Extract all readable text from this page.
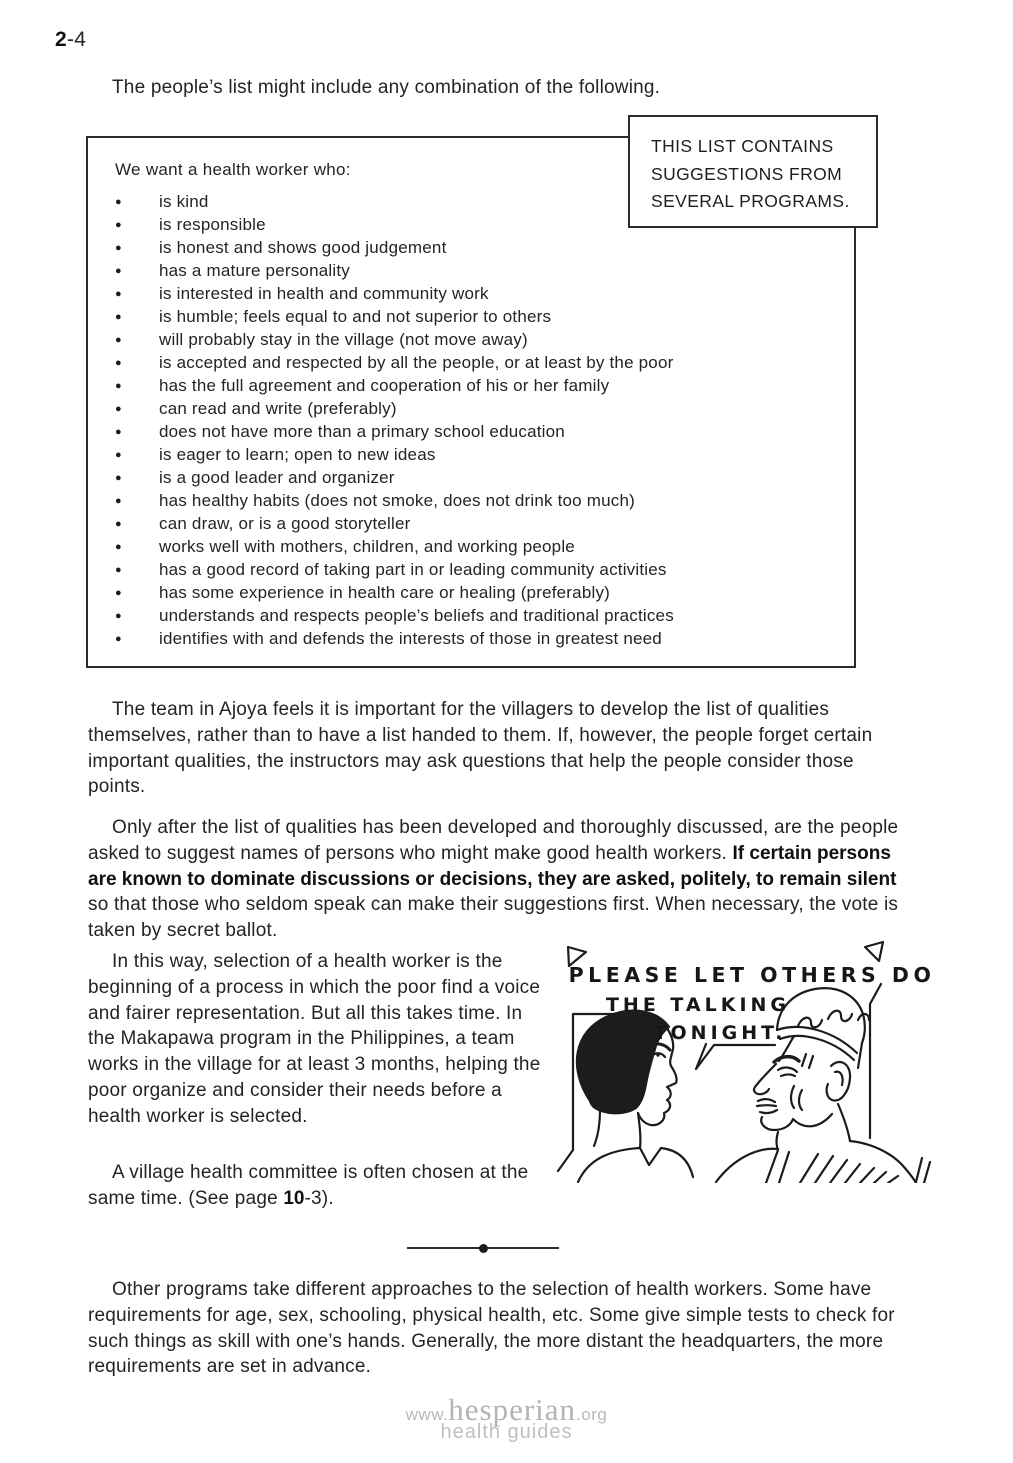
2-4
The people’s list might include any combination of the following.
We want a health worker who:
● is kind
● is responsible
● is honest and shows good judgement
● has a mature personality
● is interested in health and community work
● is humble; feels equal to and not superior to others
● will probably stay in the village (not move away)
● is accepted and respected by all the people, or at least by the poor
● has the full agreement and cooperation of his or her family
● can read and write (preferably)
● does not have more than a primary school education
● is eager to learn; open to new ideas
● is a good leader and organizer
● has healthy habits (does not smoke, does not drink too much)
● can draw, or is a good storyteller
● works well with mothers, children, and working people
● has a good record of taking part in or leading community activities
● has some experience in health care or healing (preferably)
● understands and respects people’s beliefs and traditional practices
● identifies with and defends the interests of those in greatest need
THIS LIST CONTAINS
SUGGESTIONS FROM
SEVERAL PROGRAMS.

The team in Ajoya feels it is important for the villagers to develop the list of qualities themselves, rather than to have a list handed to them. If, however, the people forget certain important qualities, the instructors may ask questions that help the people consider those points.

Only after the list of qualities has been developed and thoroughly discussed, are the people asked to suggest names of persons who might make good health workers. If certain persons are known to dominate discussions or decisions, they are asked, politely, to remain silent so that those who seldom speak can make their suggestions first. When necessary, the vote is taken by secret ballot.

In this way, selection of a health worker is the beginning of a process in which the poor find a voice and fairer representation. But all this takes time. In the Makapawa program in the Philippines, a team works in the village for at least 3 months, helping the poor organize and consider their needs before a health worker is selected.

A village health committee is often chosen at the same time. (See page 10-3).

PLEASE LET OTHERS DO
THE TALKING
TONIGHT.

Other programs take different approaches to the selection of health workers. Some have requirements for age, sex, schooling, physical health, etc. Some give simple tests to check for such things as skill with one’s hands. Generally, the more distant the headquarters, the more requirements are set in advance.

www.hesperian.org
health guides
